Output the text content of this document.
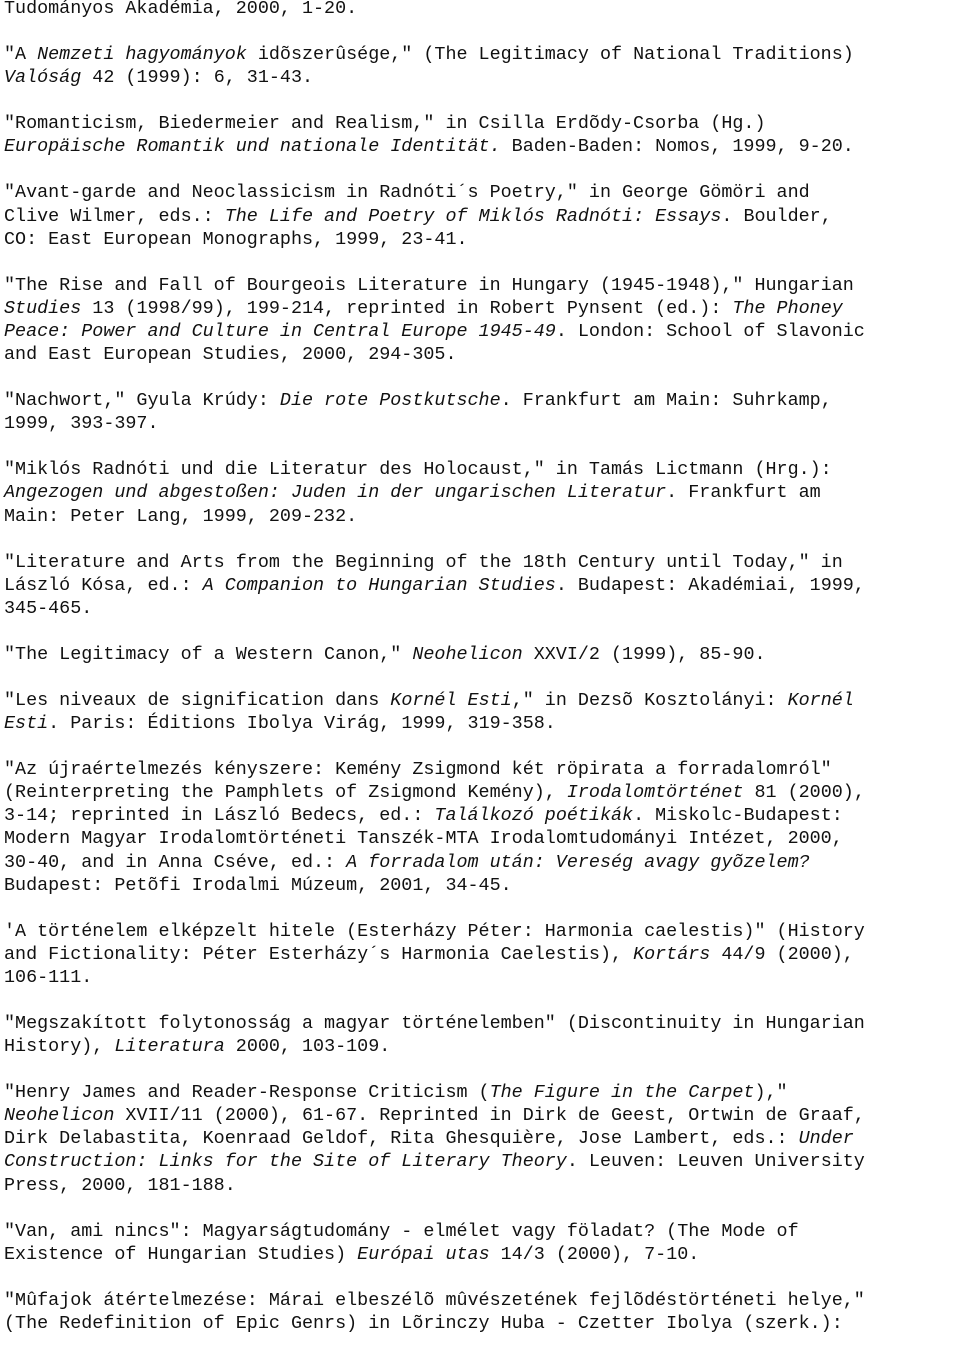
Tudományos Akadémia, 2000, 1-20.
"A Nemzeti hagyományok idõszerûsége," (The Legitimacy of National Traditions)
Valóság 42 (1999): 6, 31-43.
"Romanticism, Biedermeier and Realism," in Csilla Erdõdy-Csorba (Hg.)
Europäische Romantik und nationale Identität. Baden-Baden: Nomos, 1999, 9-20.
"Avant-garde and Neoclassicism in Radnóti´s Poetry," in George Gömöri and
Clive Wilmer, eds.: The Life and Poetry of Miklós Radnóti: Essays. Boulder,
CO: East European Monographs, 1999, 23-41.
"The Rise and Fall of Bourgeois Literature in Hungary (1945-1948)," Hungarian
Studies 13 (1998/99), 199-214, reprinted in Robert Pynsent (ed.): The Phoney
Peace: Power and Culture in Central Europe 1945-49. London: School of Slavonic
and East European Studies, 2000, 294-305.
"Nachwort," Gyula Krúdy: Die rote Postkutsche. Frankfurt am Main: Suhrkamp,
1999, 393-397.
"Miklós Radnóti und die Literatur des Holocaust," in Tamás Lictmann (Hrg.):
Angezogen und abgestoßen: Juden in der ungarischen Literatur. Frankfurt am
Main: Peter Lang, 1999, 209-232.
"Literature and Arts from the Beginning of the 18th Century until Today," in
László Kósa, ed.: A Companion to Hungarian Studies. Budapest: Akadémiai, 1999,
345-465.
"The Legitimacy of a Western Canon," Neohelicon XXVI/2 (1999), 85-90.
"Les niveaux de signification dans Kornél Esti," in Dezsõ Kosztolányi: Kornél
Esti. Paris: Éditions Ibolya Virág, 1999, 319-358.
"Az újraértelmezés kényszere: Kemény Zsigmond két röpirata a forradalomról"
(Reinterpreting the Pamphlets of Zsigmond Kemény), Irodalomtörténet 81 (2000),
3-14; reprinted in László Bedecs, ed.: Találkozó poétikák. Miskolc-Budapest:
Modern Magyar Irodalomtörténeti Tanszék-MTA Irodalomtudományi Intézet, 2000,
30-40, and in Anna Cséve, ed.: A forradalom után: Vereség avagy gyõzelem?
Budapest: Petõfi Irodalmi Múzeum, 2001, 34-45.
'A történelem elképzelt hitele (Esterházy Péter: Harmonia caelestis)" (History
and Fictionality: Péter Esterházy´s Harmonia Caelestis), Kortárs 44/9 (2000),
106-111.
"Megszakított folytonosság a magyar történelemben" (Discontinuity in Hungarian
History), Literatura 2000, 103-109.
"Henry James and Reader-Response Criticism (The Figure in the Carpet),"
Neohelicon XVII/11 (2000), 61-67. Reprinted in Dirk de Geest, Ortwin de Graaf,
Dirk Delabastita, Koenraad Geldof, Rita Ghesquière, Jose Lambert, eds.: Under
Construction: Links for the Site of Literary Theory. Leuven: Leuven University
Press, 2000, 181-188.
"Van, ami nincs": Magyarságtudomány - elmélet vagy föladat? (The Mode of
Existence of Hungarian Studies) Európai utas 14/3 (2000), 7-10.
"Mûfajok átértelmezése: Márai elbeszélõ mûvészetének fejlõdéstörténeti helye,"
(The Redefinition of Epic Genrs) in Lõrinczy Huba - Czetter Ibolya (szerk.):
